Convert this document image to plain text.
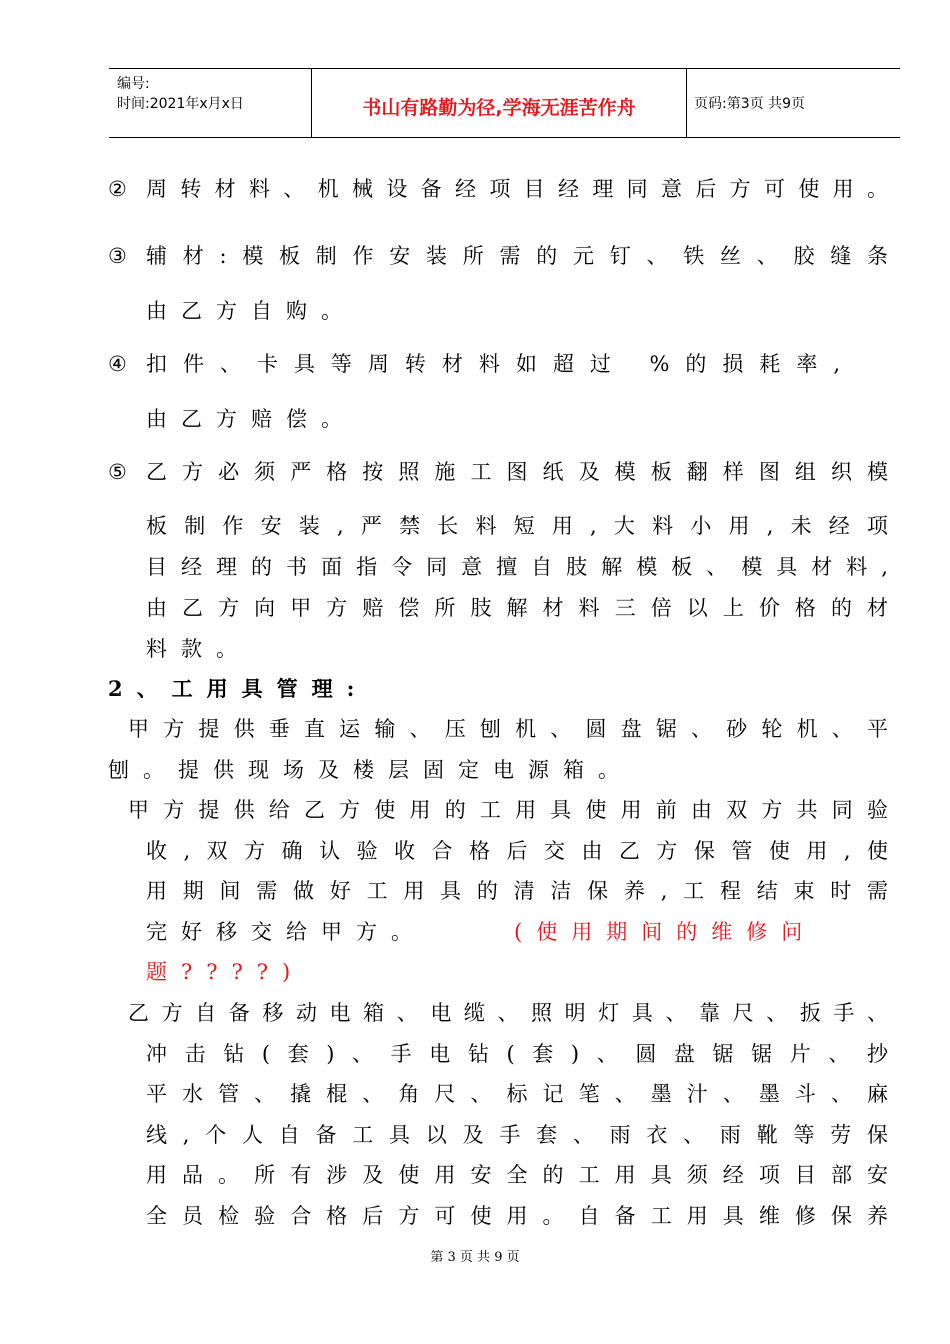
编号:
时间:2021年x月x日	书山有路勤为径,学海无涯苦作舟	页码:第3页 共9页
② 周转材料、机械设备经项目经理同意后方可使用。
③ 辅材:模板制作安装所需的元钉、铁丝、胶缝条
由乙方自购。
④ 扣件、卡具等周转材料如超过 %的损耗率,
由乙方赔偿。
⑤ 乙方必须严格按照施工图纸及模板翻样图组织模
板制作安装,严禁长料短用,大料小用,未经项
目经理的书面指令同意擅自肢解模板、模具材料,
由乙方向甲方赔偿所肢解材料三倍以上价格的材
料款。
2、工用具管理:
甲方提供垂直运输、压刨机、圆盘锯、砂轮机、平
刨。提供现场及楼层固定电源箱。
甲方提供给乙方使用的工用具使用前由双方共同验
收,双方确认验收合格后交由乙方保管使用,使
用期间需做好工用具的清洁保养,工程结束时需
完好移交给甲方。	(使用期间的维修问
题????)
乙方自备移动电箱、电缆、照明灯具、靠尺、扳手、
冲击钻(套)、手电钻(套)、圆盘锯锯片、抄
平水管、撬棍、角尺、标记笔、墨汁、墨斗、麻
线,个人自备工具以及手套、雨衣、雨靴等劳保
用品。所有涉及使用安全的工用具须经项目部安
全员检验合格后方可使用。自备工用具维修保养
第 3 页 共 9 页
